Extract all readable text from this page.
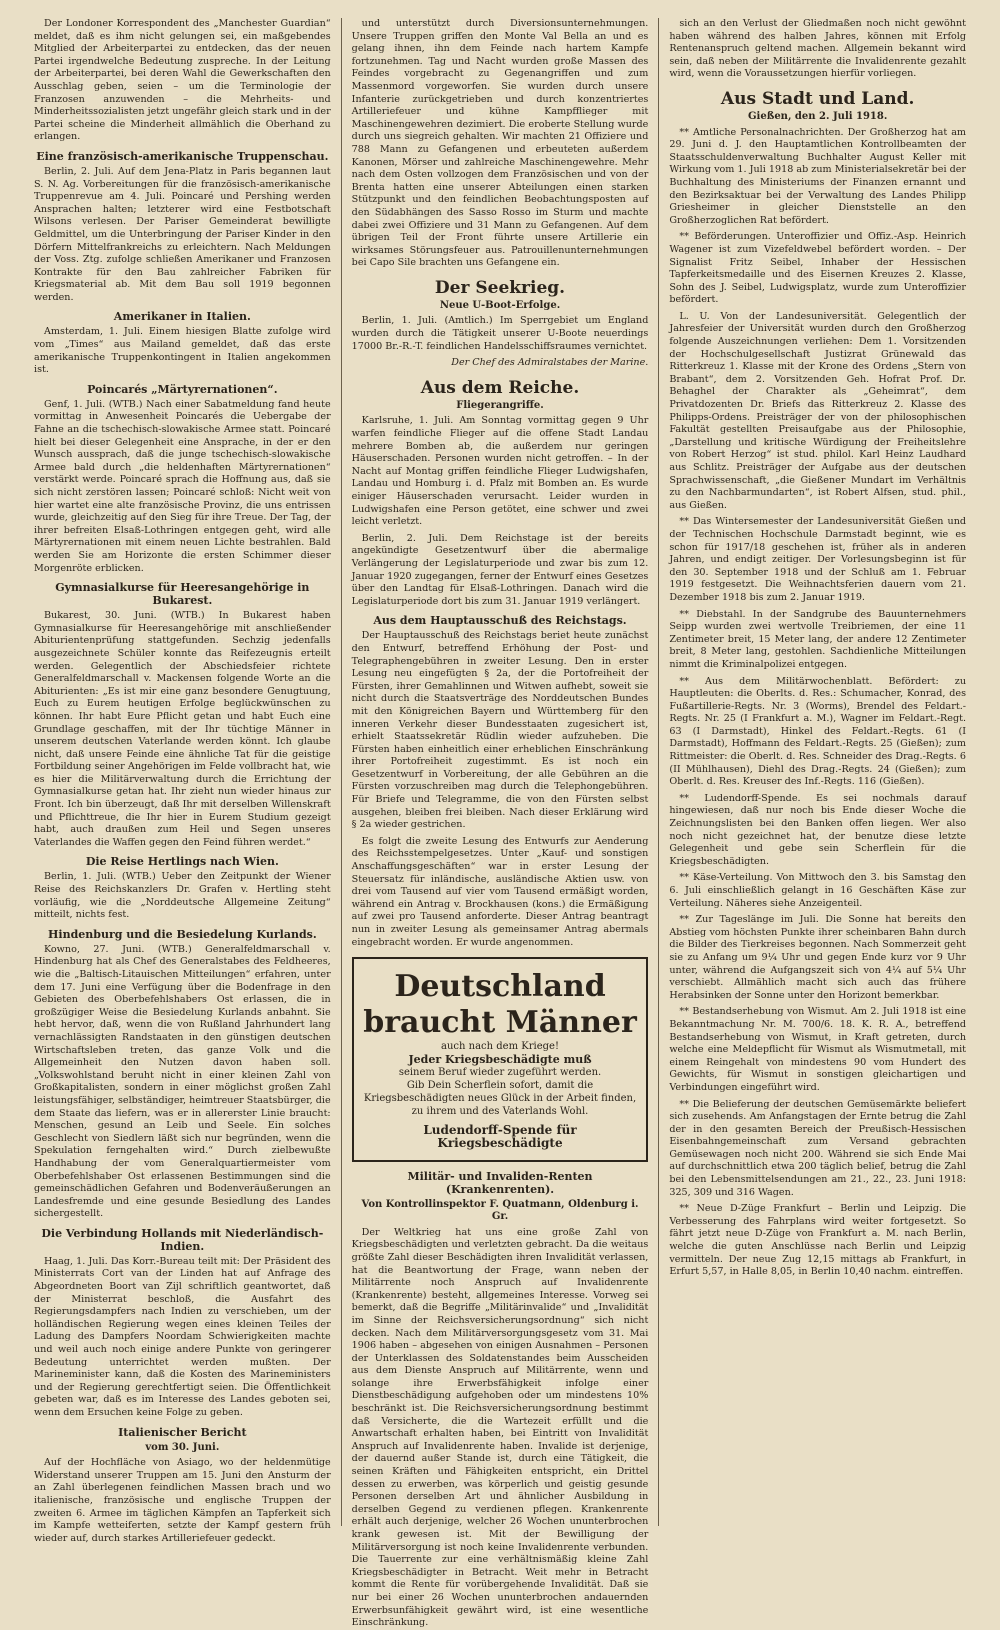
Der Londoner Korrespondent des „Manchester Guardian“ meldet, daß es ihm nicht gelungen sei, ein maßgebendes Mitglied der Arbeiterpartei zu entdecken, das der neuen Partei irgendwelche Bedeutung zuspreche. In der Leitung der Arbeiterpartei, bei deren Wahl die Gewerkschaften den Ausschlag geben, seien – um die Terminologie der Franzosen anzuwenden – die Mehrheits- und Minderheitssozialisten jetzt ungefähr gleich stark und in der Partei scheine die Minderheit allmählich die Oberhand zu erlangen.

Eine französisch-amerikanische Truppenschau.

Berlin, 2. Juli. Auf dem Jena-Platz in Paris begannen laut S. N. Ag. Vorbereitungen für die französisch-amerikanische Truppenrevue am 4. Juli. Poincaré und Pershing werden Ansprachen halten; letzterer wird eine Festbotschaft Wilsons verlesen. Der Pariser Gemeinderat bewilligte Geldmittel, um die Unterbringung der Pariser Kinder in den Dörfern Mittelfrankreichs zu erleichtern. Nach Meldungen der Voss. Ztg. zufolge schließen Amerikaner und Franzosen Kontrakte für den Bau zahlreicher Fabriken für Kriegsmaterial ab. Mit dem Bau soll 1919 begonnen werden.

Amerikaner in Italien.

Amsterdam, 1. Juli. Einem hiesigen Blatte zufolge wird vom „Times“ aus Mailand gemeldet, daß das erste amerikanische Truppenkontingent in Italien angekommen ist.

Poincarés „Märtyrernationen“.

Genf, 1. Juli. (WTB.) Nach einer Sabatmeldung fand heute vormittag in Anwesenheit Poincarés die Uebergabe der Fahne an die tschechisch-slowakische Armee statt. Poincaré hielt bei dieser Gelegenheit eine Ansprache, in der er den Wunsch aussprach, daß die junge tschechisch-slowakische Armee bald durch „die heldenhaften Märtyrernationen“ verstärkt werde. Poincaré sprach die Hoffnung aus, daß sie sich nicht zerstören lassen; Poincaré schloß: Nicht weit von hier wartet eine alte französische Provinz, die uns entrissen wurde, gleichzeitig auf den Sieg für ihre Treue. Der Tag, der ihrer befreiten Elsaß-Lothringen entgegen geht, wird alle Märtyrernationen mit einem neuen Lichte bestrahlen. Bald werden Sie am Horizonte die ersten Schimmer dieser Morgenröte erblicken.

Gymnasialkurse für Heeresangehörige in Bukarest.

Bukarest, 30. Juni. (WTB.) In Bukarest haben Gymnasialkurse für Heeresangehörige mit anschließender Abiturientenprüfung stattgefunden. Sechzig jedenfalls ausgezeichnete Schüler konnte das Reifezeugnis erteilt werden. Gelegentlich der Abschiedsfeier richtete Generalfeldmarschall v. Mackensen folgende Worte an die Abiturienten: „Es ist mir eine ganz besondere Genugtuung, Euch zu Eurem heutigen Erfolge beglückwünschen zu können. Ihr habt Eure Pflicht getan und habt Euch eine Grundlage geschaffen, mit der Ihr tüchtige Männer in unserem deutschen Vaterlande werden könnt. Ich glaube nicht, daß unsere Feinde eine ähnliche Tat für die geistige Fortbildung seiner Angehörigen im Felde vollbracht hat, wie es hier die Militärverwaltung durch die Errichtung der Gymnasialkurse getan hat. Ihr zieht nun wieder hinaus zur Front. Ich bin überzeugt, daß Ihr mit derselben Willenskraft und Pflichttreue, die Ihr hier in Eurem Studium gezeigt habt, auch draußen zum Heil und Segen unseres Vaterlandes die Waffen gegen den Feind führen werdet.“

Die Reise Hertlings nach Wien.

Berlin, 1. Juli. (WTB.) Ueber den Zeitpunkt der Wiener Reise des Reichskanzlers Dr. Grafen v. Hertling steht vorläufig, wie die „Norddeutsche Allgemeine Zeitung“ mitteilt, nichts fest.

Hindenburg und die Besiedelung Kurlands.

Kowno, 27. Juni. (WTB.) Generalfeldmarschall v. Hindenburg hat als Chef des Generalstabes des Feldheeres, wie die „Baltisch-Litauischen Mitteilungen“ erfahren, unter dem 17. Juni eine Verfügung über die Bodenfrage in den Gebieten des Oberbefehlshabers Ost erlassen, die in großzügiger Weise die Besiedelung Kurlands anbahnt. Sie hebt hervor, daß, wenn die von Rußland Jahrhundert lang vernachlässigten Randstaaten in den günstigen deutschen Wirtschaftsleben treten, das ganze Volk und die Allgemeinheit den Nutzen davon haben soll. „Volkswohlstand beruht nicht in einer kleinen Zahl von Großkapitalisten, sondern in einer möglichst großen Zahl leistungsfähiger, selbständiger, heimtreuer Staatsbürger, die dem Staate das liefern, was er in allererster Linie braucht: Menschen, gesund an Leib und Seele. Ein solches Geschlecht von Siedlern läßt sich nur begründen, wenn die Spekulation ferngehalten wird.“ Durch zielbewußte Handhabung der vom Generalquartiermeister vom Oberbefehlshaber Ost erlassenen Bestimmungen sind die gemeinschädlichen Gefahren und Bodenveräußerungen an Landesfremde und eine gesunde Besiedlung des Landes sichergestellt.

Die Verbindung Hollands mit Niederländisch-Indien.

Haag, 1. Juli. Das Korr.-Bureau teilt mit: Der Präsident des Ministerrats Cort van der Linden hat auf Anfrage des Abgeordneten Boort van Zijl schriftlich geantwortet, daß der Ministerrat beschloß, die Ausfahrt des Regierungsdampfers nach Indien zu verschieben, um der holländischen Regierung wegen eines kleinen Teiles der Ladung des Dampfers Noordam Schwierigkeiten machte und weil auch noch einige andere Punkte von geringerer Bedeutung unterrichtet werden mußten. Der Marineminister kann, daß die Kosten des Marineministers und der Regierung gerechtfertigt seien. Die Öffentlichkeit gebeten war, daß es im Interesse des Landes geboten sei, wenn dem Ersuchen keine Folge zu geben.

Italienischer Bericht
vom 30. Juni.

Auf der Hochfläche von Asiago, wo der heldenmütige Widerstand unserer Truppen am 15. Juni den Ansturm der an Zahl überlegenen feindlichen Massen brach und wo italienische, französische und englische Truppen der zweiten 6. Armee im täglichen Kämpfen an Tapferkeit sich im Kampfe wetteiferten, setzte der Kampf gestern früh wieder auf, durch starkes Artilleriefeuer gedeckt.

und unterstützt durch Diversionsunternehmungen. Unsere Truppen griffen den Monte Val Bella an und es gelang ihnen, ihn dem Feinde nach hartem Kampfe fortzunehmen. Tag und Nacht wurden große Massen des Feindes vorgebracht zu Gegenangriffen und zum Massenmord vorgeworfen. Sie wurden durch unsere Infanterie zurückgetrieben und durch konzentriertes Artilleriefeuer und kühne Kampfflieger mit Maschinengewehren dezimiert. Die eroberte Stellung wurde durch uns siegreich gehalten. Wir machten 21 Offiziere und 788 Mann zu Gefangenen und erbeuteten außerdem Kanonen, Mörser und zahlreiche Maschinengewehre. Mehr nach dem Osten vollzogen dem Französischen und von der Brenta hatten eine unserer Abteilungen einen starken Stützpunkt und den feindlichen Beobachtungsposten auf den Südabhängen des Sasso Rosso im Sturm und machte dabei zwei Offiziere und 31 Mann zu Gefangenen. Auf dem übrigen Teil der Front führte unsere Artillerie ein wirksames Störungsfeuer aus. Patrouillenunternehmungen bei Capo Sile brachten uns Gefangene ein.

Der Seekrieg.
Neue U-Boot-Erfolge.

Berlin, 1. Juli. (Amtlich.) Im Sperrgebiet um England wurden durch die Tätigkeit unserer U-Boote neuerdings 17000 Br.-R.-T. feindlichen Handelsschiffsraumes vernichtet.

Der Chef des Admiralstabes der Marine.
Aus dem Reiche.
Fliegerangriffe.

Karlsruhe, 1. Juli. Am Sonntag vormittag gegen 9 Uhr warfen feindliche Flieger auf die offene Stadt Landau mehrere Bomben ab, die außerdem nur geringen Häuserschaden. Personen wurden nicht getroffen. – In der Nacht auf Montag griffen feindliche Flieger Ludwigshafen, Landau und Homburg i. d. Pfalz mit Bomben an. Es wurde einiger Häuserschaden verursacht. Leider wurden in Ludwigshafen eine Person getötet, eine schwer und zwei leicht verletzt.

Berlin, 2. Juli. Dem Reichstage ist der bereits angekündigte Gesetzentwurf über die abermalige Verlängerung der Legislaturperiode und zwar bis zum 12. Januar 1920 zugegangen, ferner der Entwurf eines Gesetzes über den Landtag für Elsaß-Lothringen. Danach wird die Legislaturperiode dort bis zum 31. Januar 1919 verlängert.

Aus dem Hauptausschuß des Reichstags.

Der Hauptausschuß des Reichstags beriet heute zunächst den Entwurf, betreffend Erhöhung der Post- und Telegraphengebühren in zweiter Lesung. Den in erster Lesung neu eingefügten § 2a, der die Portofreiheit der Fürsten, ihrer Gemahlinnen und Witwen aufhebt, soweit sie nicht durch die Staatsverträge des Norddeutschen Bundes mit den Königreichen Bayern und Württemberg für den inneren Verkehr dieser Bundesstaaten zugesichert ist, erhielt Staatssekretär Rüdlin wieder aufzuheben. Die Fürsten haben einheitlich einer erheblichen Einschränkung ihrer Portofreiheit zugestimmt. Es ist noch ein Gesetzentwurf in Vorbereitung, der alle Gebühren an die Fürsten vorzuschreiben mag durch die Telephongebühren. Für Briefe und Telegramme, die von den Fürsten selbst ausgehen, bleiben frei bleiben. Nach dieser Erklärung wird § 2a wieder gestrichen.

Es folgt die zweite Lesung des Entwurfs zur Aenderung des Reichsstempelgesetzes. Unter „Kauf- und sonstigen Anschaffungsgeschäften“ war in erster Lesung der Steuersatz für inländische, ausländische Aktien usw. von drei vom Tausend auf vier vom Tausend ermäßigt worden, während ein Antrag v. Brockhausen (kons.) die Ermäßigung auf zwei pro Tausend anforderte. Dieser Antrag beantragt nun in zweiter Lesung als gemeinsamer Antrag abermals eingebracht worden. Er wurde angenommen.

Deutschland
braucht Männer
auch nach dem Kriege!
Jeder Kriegsbeschädigte muß
seinem Beruf wieder zugeführt werden.
Gib Dein Scherflein sofort, damit die Kriegsbeschädigten neues Glück in der Arbeit finden, zu ihrem und des Vaterlands Wohl.
Ludendorff-Spende für Kriegsbeschädigte
Militär- und Invaliden-Renten (Krankenrenten).
Von Kontrollinspektor F. Quatmann, Oldenburg i. Gr.

Der Weltkrieg hat uns eine große Zahl von Kriegsbeschädigten und verletzten gebracht. Da die weitaus größte Zahl dieser Beschädigten ihren Invalidität verlassen, hat die Beantwortung der Frage, wann neben der Militärrente noch Anspruch auf Invalidenrente (Krankenrente) besteht, allgemeines Interesse. Vorweg sei bemerkt, daß die Begriffe „Militärinvalide“ und „Invalidität im Sinne der Reichsversicherungsordnung“ sich nicht decken. Nach dem Militärversorgungsgesetz vom 31. Mai 1906 haben – abgesehen von einigen Ausnahmen – Personen der Unterklassen des Soldatenstandes beim Ausscheiden aus dem Dienste Anspruch auf Militärrente, wenn und solange ihre Erwerbsfähigkeit infolge einer Dienstbeschädigung aufgehoben oder um mindestens 10% beschränkt ist. Die Reichsversicherungsordnung bestimmt daß Versicherte, die die Wartezeit erfüllt und die Anwartschaft erhalten haben, bei Eintritt von Invalidität Anspruch auf Invalidenrente haben. Invalide ist derjenige, der dauernd außer Stande ist, durch eine Tätigkeit, die seinen Kräften und Fähigkeiten entspricht, ein Drittel dessen zu erwerben, was körperlich und geistig gesunde Personen derselben Art und ähnlicher Ausbildung in derselben Gegend zu verdienen pflegen. Krankenrente erhält auch derjenige, welcher 26 Wochen ununterbrochen krank gewesen ist. Mit der Bewilligung der Militärversorgung ist noch keine Invalidenrente verbunden. Die Tauerrente zur eine verhältnismäßig kleine Zahl Kriegsbeschädigter in Betracht. Weit mehr in Betracht kommt die Rente für vorübergehende Invalidität. Daß sie nur bei einer 26 Wochen ununterbrochen andauernden Erwerbsunfähigkeit gewährt wird, ist eine wesentliche Einschränkung.

sich an den Verlust der Gliedmaßen noch nicht gewöhnt haben während des halben Jahres, können mit Erfolg Rentenanspruch geltend machen. Allgemein bekannt wird sein, daß neben der Militärrente die Invalidenrente gezahlt wird, wenn die Voraussetzungen hierfür vorliegen.

Aus Stadt und Land.
Gießen, den 2. Juli 1918.

** Amtliche Personalnachrichten. Der Großherzog hat am 29. Juni d. J. den Hauptamtlichen Kontrollbeamten der Staatsschuldenverwaltung Buchhalter August Keller mit Wirkung vom 1. Juli 1918 ab zum Ministerialsekretär bei der Buchhaltung des Ministeriums der Finanzen ernannt und den Bezirksaktuar bei der Verwaltung des Landes Philipp Griesheimer in gleicher Dienststelle an den Großherzoglichen Rat befördert.

** Beförderungen. Unteroffizier und Offiz.-Asp. Heinrich Wagener ist zum Vizefeldwebel befördert worden. – Der Signalist Fritz Seibel, Inhaber der Hessischen Tapferkeitsmedaille und des Eisernen Kreuzes 2. Klasse, Sohn des J. Seibel, Ludwigsplatz, wurde zum Unteroffizier befördert.

L. U. Von der Landesuniversität. Gelegentlich der Jahresfeier der Universität wurden durch den Großherzog folgende Auszeichnungen verliehen: Dem 1. Vorsitzenden der Hochschulgesellschaft Justizrat Grünewald das Ritterkreuz 1. Klasse mit der Krone des Ordens „Stern von Brabant“, dem 2. Vorsitzenden Geh. Hofrat Prof. Dr. Behaghel der Charakter als „Geheimrat“, dem Privatdozenten Dr. Briefs das Ritterkreuz 2. Klasse des Philipps-Ordens. Preisträger der von der philosophischen Fakultät gestellten Preisaufgabe aus der Philosophie, „Darstellung und kritische Würdigung der Freiheitslehre von Robert Herzog“ ist stud. philol. Karl Heinz Laudhard aus Schlitz. Preisträger der Aufgabe aus der deutschen Sprachwissenschaft, „die Gießener Mundart im Verhältnis zu den Nachbarmundarten“, ist Robert Alfsen, stud. phil., aus Gießen.

** Das Wintersemester der Landesuniversität Gießen und der Technischen Hochschule Darmstadt beginnt, wie es schon für 1917/18 geschehen ist, früher als in anderen Jahren, und endigt zeitiger. Der Vorlesungsbeginn ist für den 30. September 1918 und der Schluß am 1. Februar 1919 festgesetzt. Die Weihnachtsferien dauern vom 21. Dezember 1918 bis zum 2. Januar 1919.

** Diebstahl. In der Sandgrube des Bauunternehmers Seipp wurden zwei wertvolle Treibriemen, der eine 11 Zentimeter breit, 15 Meter lang, der andere 12 Zentimeter breit, 8 Meter lang, gestohlen. Sachdienliche Mitteilungen nimmt die Kriminalpolizei entgegen.

** Aus dem Militärwochenblatt. Befördert: zu Hauptleuten: die Oberlts. d. Res.: Schumacher, Konrad, des Fußartillerie-Regts. Nr. 3 (Worms), Brendel des Feldart.-Regts. Nr. 25 (I Frankfurt a. M.), Wagner im Feldart.-Regt. 63 (I Darmstadt), Hinkel des Feldart.-Regts. 61 (I Darmstadt), Hoffmann des Feldart.-Regts. 25 (Gießen); zum Rittmeister: die Oberlt. d. Res. Schneider des Drag.-Regts. 6 (II Mühlhausen), Diehl des Drag.-Regts. 24 (Gießen); zum Oberlt. d. Res. Kreuser des Inf.-Regts. 116 (Gießen).

** Ludendorff-Spende. Es sei nochmals darauf hingewiesen, daß nur noch bis Ende dieser Woche die Zeichnungslisten bei den Banken offen liegen. Wer also noch nicht gezeichnet hat, der benutze diese letzte Gelegenheit und gebe sein Scherflein für die Kriegsbeschädigten.

** Käse-Verteilung. Von Mittwoch den 3. bis Samstag den 6. Juli einschließlich gelangt in 16 Geschäften Käse zur Verteilung. Näheres siehe Anzeigenteil.

** Zur Tageslänge im Juli. Die Sonne hat bereits den Abstieg vom höchsten Punkte ihrer scheinbaren Bahn durch die Bilder des Tierkreises begonnen. Nach Sommerzeit geht sie zu Anfang um 9¼ Uhr und gegen Ende kurz vor 9 Uhr unter, während die Aufgangszeit sich von 4¼ auf 5¼ Uhr verschiebt. Allmählich macht sich auch das frühere Herabsinken der Sonne unter den Horizont bemerkbar.

** Bestandserhebung von Wismut. Am 2. Juli 1918 ist eine Bekanntmachung Nr. M. 700/6. 18. K. R. A., betreffend Bestandserhebung von Wismut, in Kraft getreten, durch welche eine Meldepflicht für Wismut als Wismutmetall, mit einem Reingehalt von mindestens 90 vom Hundert des Gewichts, für Wismut in sonstigen gleichartigen und Verbindungen eingeführt wird.

** Die Belieferung der deutschen Gemüsemärkte beliefert sich zusehends. Am Anfangstagen der Ernte betrug die Zahl der in den gesamten Bereich der Preußisch-Hessischen Eisenbahngemeinschaft zum Versand gebrachten Gemüsewagen noch nicht 200. Während sie sich Ende Mai auf durchschnittlich etwa 200 täglich belief, betrug die Zahl bei den Lebensmittelsendungen am 21., 22., 23. Juni 1918: 325, 309 und 316 Wagen.

** Neue D-Züge Frankfurt – Berlin und Leipzig. Die Verbesserung des Fahrplans wird weiter fortgesetzt. So fährt jetzt neue D-Züge von Frankfurt a. M. nach Berlin, welche die guten Anschlüsse nach Berlin und Leipzig vermitteln. Der neue Zug 12,15 mittags ab Frankfurt, in Erfurt 5,57, in Halle 8,05, in Berlin 10,40 nachm. eintreffen.
